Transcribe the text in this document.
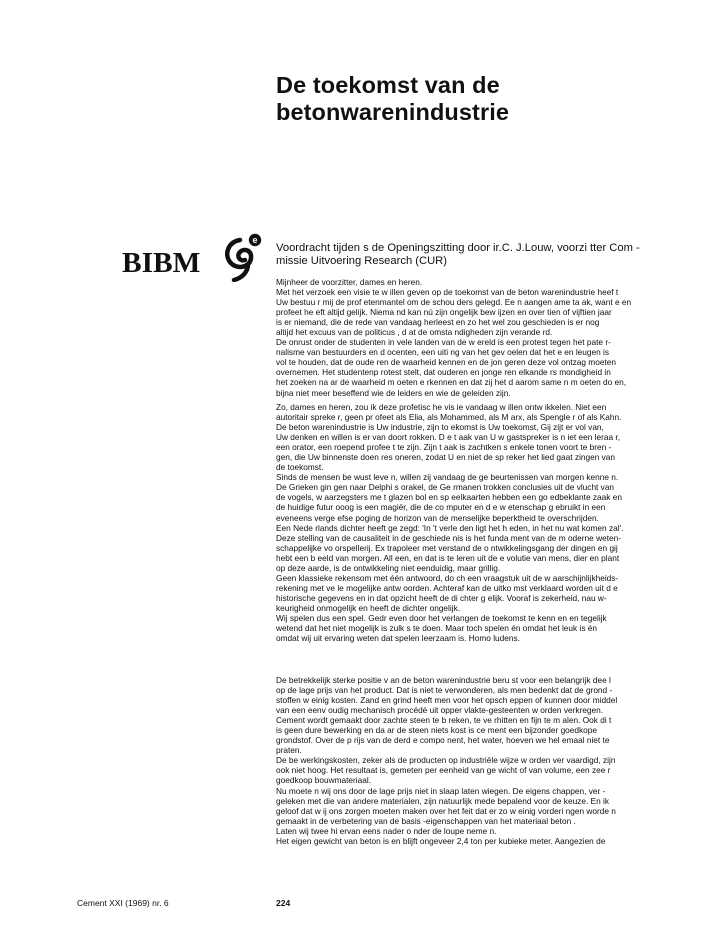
De toekomst van de
betonwarenindustrie
BIBM
e
Voordracht tijden s de Openingszitting door ir.C. J.Louw, voorzi tter Com -
missie Uitvoering Research (CUR)
Mijnheer de voorzitter, dames en heren.
Met het verzoek een visie te w illen geven op de toekomst van de beton warenindustrie heef t
Uw bestuu r mij de prof etenmantel om de schou ders gelegd. Ee n aangen ame ta ak, want e en
profeet he eft altijd gelijk. Niema nd kan nú zijn ongelijk bew ijzen en over tien of vijftien jaar
is er niemand, die de rede van vandaag herleest en zo het wel zou geschieden is er nog
altijd het excuus van de politicus , d at de omsta ndigheden zijn verande rd.
De onrust onder de studenten in vele landen van de w ereld is een protest tegen het pate r-
nalisme van bestuurders en d ocenten, een uiti ng van het gev oelen dat het e en leugen is
vol te houden, dat de oude ren de waarheid kennen en de jon geren deze vol ontzag moeten
overnemen. Het studentenp rotest stelt, dat ouderen en jonge ren elkande rs mondigheid in
het zoeken na ar de waarheid m oeten e rkennen en dat zij het d aarom same n m oeten do en,
bijna niet meer beseffend wie de leiders en wie de geleiden zijn.
Zo, dames en heren, zou ik deze profetisc he vis ie vandaag w illen ontw ikkelen. Niet een
autoritair spreke r, geen pr ofeet als Elia, als Mohammed, als M arx, als Spengle r of als Kahn.
De beton warenindustrie is Uw industrie, zijn to ekomst is Uw toekomst, Gij zijt er vol van,
Uw denken en willen is er van doort rokken. D e t aak van U w gastspreker is n iet een leraa r,
een orator, een roepend profee t te zijn. Zijn t aak is zachtken s enkele tonen voort te bren -
gen, die Uw binnenste doen res oneren, zodat U en niet de sp reker het lied gaat zingen van
de toekomst.
Sinds de mensen be wust leve n, willen zij vandaag de ge beurtenissen van morgen kenne n.
De Grieken gin gen naar Delphi s orakel, de Ge rmanen trokken conclusies uit de vlucht van
de vogels, w aarzegsters me t glazen bol en sp eelkaarten hebben een go edbeklante zaak en
de huidige futur ooog is een magiër, die de co mputer en d e w etenschap g ebruikt in een
eveneens verge efse poging de horizon van de menselijke beperktheid te overschrijden.
Een Nede rlands dichter heeft ge zegd: 'In 't verle den ligt het h eden, in het nu wat komen zal'.
Deze stelling van de causaliteit in de geschiede nis is het funda ment van de m oderne weten-
schappelijke vo orspellerij. Ex trapoleer met verstand de o ntwikkelingsgang der dingen en gij
hebt een b eeld van morgen. All een, en dat is te leren uit de e volutie van mens, dier en plant
op deze aarde, is de ontwikkeling niet eenduidig, maar grillig.
Geen klassieke rekensom met één antwoord, do ch een vraagstuk uit de w aarschijnlijkheids-
rekening met ve le mogelijke antw oorden. Achteraf kan de uitko mst verklaard worden uit d e
historische gegevens en in dat opzicht heeft de di chter g elijk. Vooraf is zekerheid, nau w-
keurigheid onmogelijk en heeft de dichter ongelijk.
Wij spelen dus een spel. Gedr even door het verlangen de toekomst te kenn en en tegelijk
wetend dat het niet mogelijk is zulk s te doen. Maar toch spelen én omdat het leuk is én
omdat wij uit ervaring weten dat spelen leerzaam is. Homo ludens.
De betrekkelijk sterke positie v an de beton warenindustrie beru st voor een belangrijk dee l
op de lage prijs van het product. Dat is niet te verwonderen, als men bedenkt dat de grond -
stoffen w einig kosten. Zand en grind heeft men voor het opsch eppen of kunnen door middel
van een eenv oudig mechanisch procédé uit opper vlakte-gesteenten w orden verkregen.
Cement wordt gemaakt door zachte steen te b reken, te ve rhitten en fijn te m alen. Ook di t
is geen dure bewerking en da ar de steen niets kost is ce ment een bijzonder goedkope
grondstof. Over de p rijs van de derd e compo nent, het water, hoeven we hel emaal niet te
praten.
De be werkingskosten, zeker als de producten op industriële wijze w orden ver vaardigd, zijn
ook niet hoog. Het resultaat is, gemeten per eenheid van ge wicht of van volume, een zee r
goedkoop bouwmateriaal.
Nu moete n wij ons door de lage prijs niet in slaap laten wiegen. De eigens chappen, ver -
geleken met die van andere materialen, zijn natuurlijk mede bepalend voor de keuze. En ik
geloof dat w ij ons zorgen moeten maken over het feit dat er zo w einig vorderi ngen worde n
gemaakt in de verbetering van de basis -eigenschappen van het materiaal beton .
Laten wij twee hi ervan eens nader o nder de loupe neme n.
Het eigen gewicht van beton is en blijft ongeveer 2,4 ton per kubieke meter. Aangezien de
Cement XXI (1969) nr. 6	224
